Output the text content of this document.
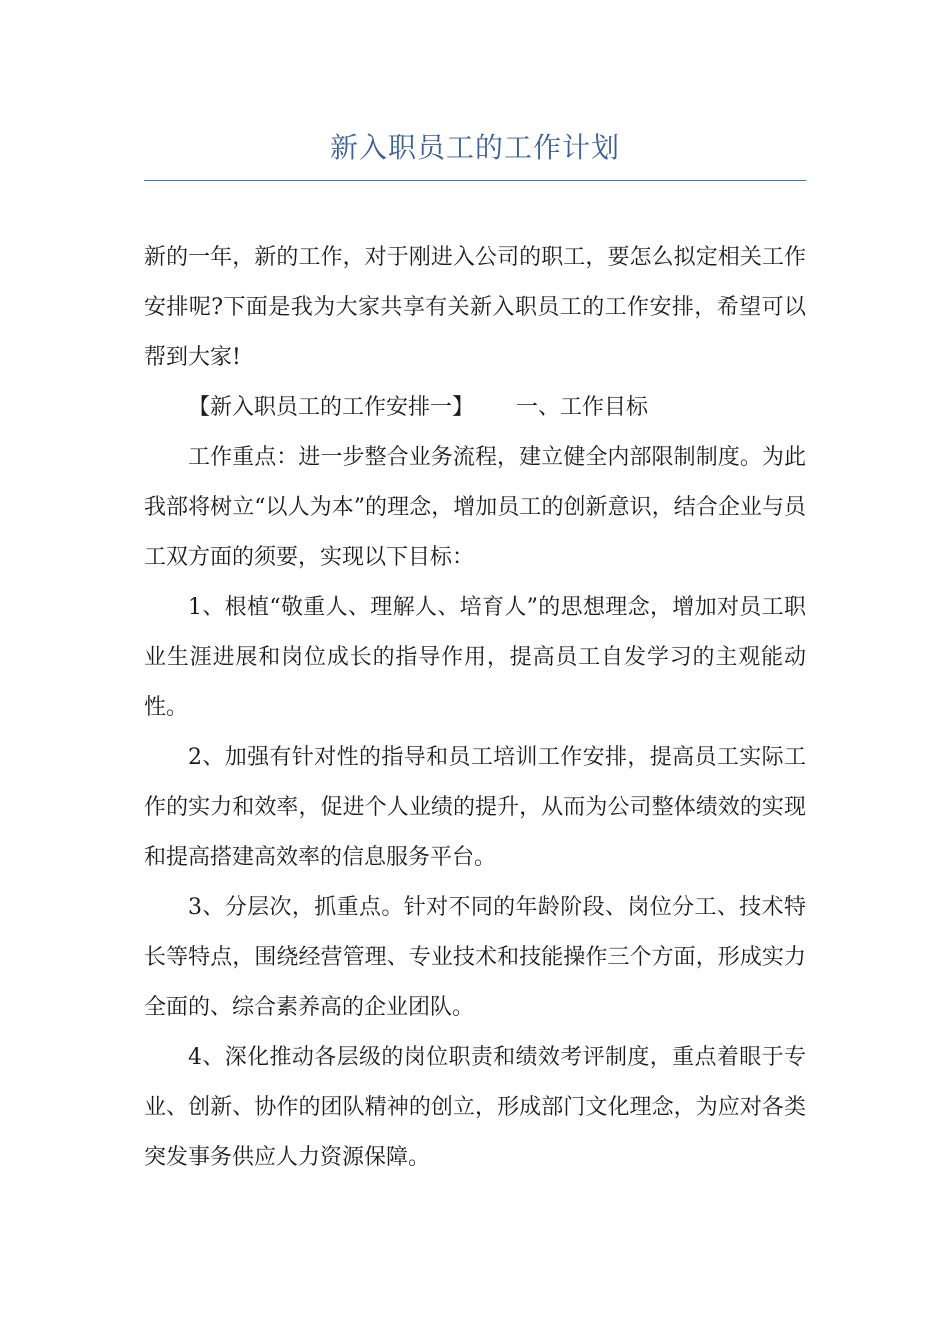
新入职员工的工作计划

新的一年，新的工作，对于刚进入公司的职工，要怎么拟定相关工作安排呢?下面是我为大家共享有关新入职员工的工作安排，希望可以帮到大家!

【新入职员工的工作安排一】 一、工作目标

工作重点：进一步整合业务流程，建立健全内部限制制度。为此我部将树立“以人为本”的理念，增加员工的创新意识，结合企业与员工双方面的须要，实现以下目标：

1、根植“敬重人、理解人、培育人”的思想理念，增加对员工职业生涯进展和岗位成长的指导作用，提高员工自发学习的主观能动性。

2、加强有针对性的指导和员工培训工作安排，提高员工实际工作的实力和效率，促进个人业绩的提升，从而为公司整体绩效的实现和提高搭建高效率的信息服务平台。

3、分层次，抓重点。针对不同的年龄阶段、岗位分工、技术特长等特点，围绕经营管理、专业技术和技能操作三个方面，形成实力全面的、综合素养高的企业团队。

4、深化推动各层级的岗位职责和绩效考评制度，重点着眼于专业、创新、协作的团队精神的创立，形成部门文化理念，为应对各类突发事务供应人力资源保障。
